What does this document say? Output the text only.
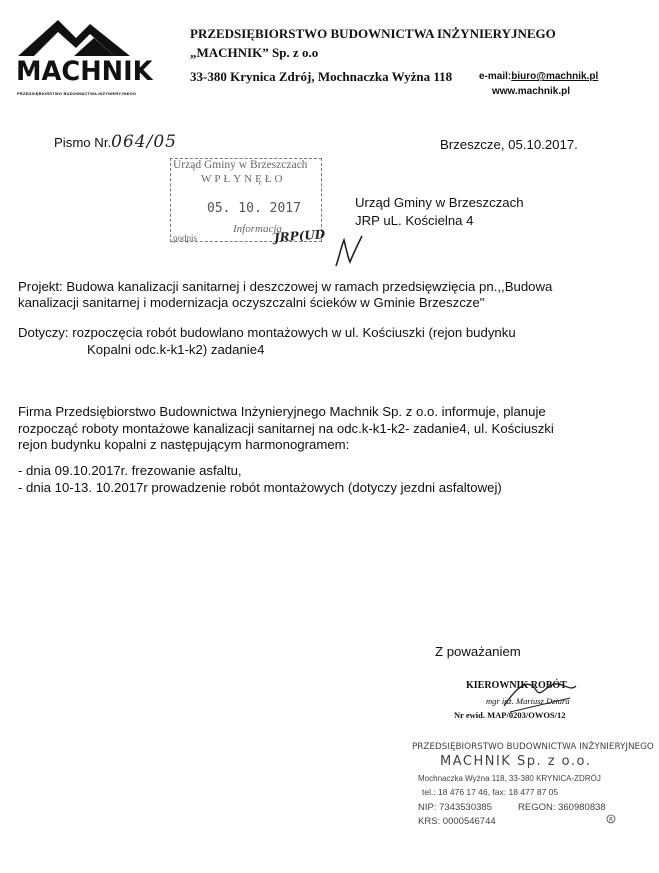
MACHNIK
PRZEDSIĘBIORSTWO BUDOWNICTWA INŻYNIERYJNEGO
PRZEDSIĘBIORSTWO BUDOWNICTWA INŻYNIERYJNEGO
„MACHNIK” Sp. z o.o
33-380 Krynica Zdrój, Mochnaczka Wyżna 118	e-mail:biuro@machnik.pl
www.machnik.pl
Pismo Nr.064/05	Brzeszcze, 05.10.2017.
Urząd Gminy w Brzeszczach
WPŁYNĘŁO
05. 10. 2017
Informacja
podpis	JRP(UD
Urząd Gminy w Brzeszczach
JRP uL. Kościelna 4
Projekt: Budowa kanalizacji sanitarnej i deszczowej w ramach przedsięwzięcia pn.,,Budowa
kanalizacji sanitarnej i modernizacja oczyszczalni ścieków w Gminie Brzeszcze"
Dotyczy: rozpoczęcia robót budowlano montażowych w ul. Kościuszki (rejon budynku
Kopalni odc.k-k1-k2) zadanie4
Firma Przedsiębiorstwo Budownictwa Inżynieryjnego Machnik Sp. z o.o. informuje, planuje
rozpocząć roboty montażowe kanalizacji sanitarnej na odc.k-k1-k2- zadanie4, ul. Kościuszki
rejon budynku kopalni z następującym harmonogramem:
- dnia 09.10.2017r. frezowanie asfaltu,
- dnia 10-13. 10.2017r prowadzenie robót montażowych (dotyczy jezdni asfaltowej)
Z poważaniem
KIEROWNIK ROBÓT
mgr inż. Mariusz Dziura
Nr ewid. MAP/0203/OWOS/12
PRZEDSIĘBIORSTWO BUDOWNICTWA INŻYNIERYJNEGO
MACHNIK Sp. z o.o.
Mochnaczka Wyżna 118, 33-380 KRYNICA-ZDRÓJ
tel.: 18 476 17 46, fax: 18 477 87 05
NIP: 7343530385	REGON: 360980838
KRS: 0000546744	R
